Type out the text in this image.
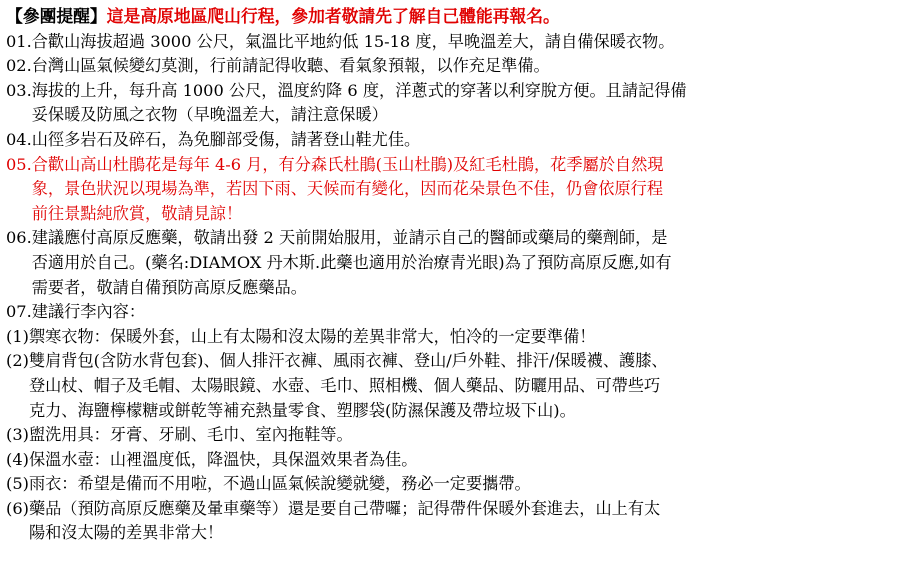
【參團提醒】 這是高原地區爬山行程，參加者敬請先了解自己體能再報名。
01. 合歡山海拔超過 3000 公尺，氣溫比平地約低 15-18 度，早晚溫差大，請自備保暖衣物。
02. 台灣山區氣候變幻莫測，行前請記得收聽、看氣象預報，以作充足準備。
03. 海拔的上升，每升高 1000 公尺，溫度約降 6 度，洋蔥式的穿著以利穿脫方便。且請記得備
妥保暖及防風之衣物（早晚溫差大，請注意保暖）
04. 山徑多岩石及碎石，為免腳部受傷，請著登山鞋尤佳。
05. 合歡山高山杜鵑花是每年 4-6 月，有分森氏杜鵑(玉山杜鵑)及紅毛杜鵑，花季屬於自然現
象，景色狀況以現場為準，若因下雨、天候而有變化，因而花朵景色不佳，仍會依原行程
前往景點純欣賞，敬請見諒！
06. 建議應付高原反應藥，敬請出發 2 天前開始服用，並請示自己的醫師或藥局的藥劑師，是
否適用於自己。(藥名:DIAMOX 丹木斯.此藥也適用於治療青光眼)為了預防高原反應,如有
需要者，敬請自備預防高原反應藥品。
07. 建議行李內容：
(1) 禦寒衣物：保暖外套，山上有太陽和沒太陽的差異非常大，怕冷的一定要準備！
(2) 雙肩背包(含防水背包套)、個人排汗衣褲、風雨衣褲、登山/戶外鞋、排汗/保暖襪、護膝、
登山杖、帽子及毛帽、太陽眼鏡、水壺、毛巾、照相機、個人藥品、防曬用品、可帶些巧
克力、海鹽檸檬糖或餅乾等補充熱量零食、塑膠袋(防濕保護及帶垃圾下山)。
(3) 盥洗用具：牙膏、牙刷、毛巾、室內拖鞋等。
(4) 保溫水壺：山裡溫度低，降溫快，具保溫效果者為佳。
(5) 雨衣：希望是備而不用啦，不過山區氣候說變就變，務必一定要攜帶。
(6) 藥品（預防高原反應藥及暈車藥等）還是要自己帶囉；記得帶件保暖外套進去，山上有太
陽和沒太陽的差異非常大！
